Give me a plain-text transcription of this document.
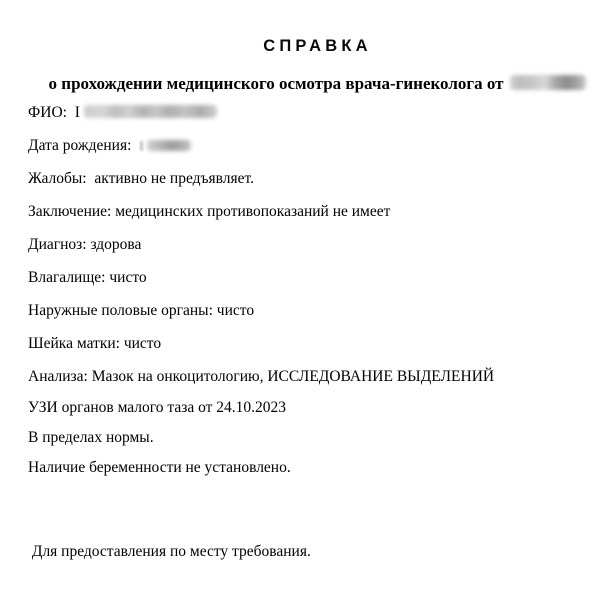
СПРАВКА

о прохождении медицинского осмотра врача-гинеколога от

ФИО:  I

Дата рождения:

Жалобы:  активно не предъявляет.

Заключение: медицинских противопоказаний не имеет

Диагноз: здорова

Влагалище: чисто

Наружные половые органы: чисто

Шейка матки: чисто

Анализа: Мазок на онкоцитологию, ИССЛЕДОВАНИЕ ВЫДЕЛЕНИЙ

УЗИ органов малого таза от 24.10.2023

В пределах нормы.

Наличие беременности не установлено.

Для предоставления по месту требования.
